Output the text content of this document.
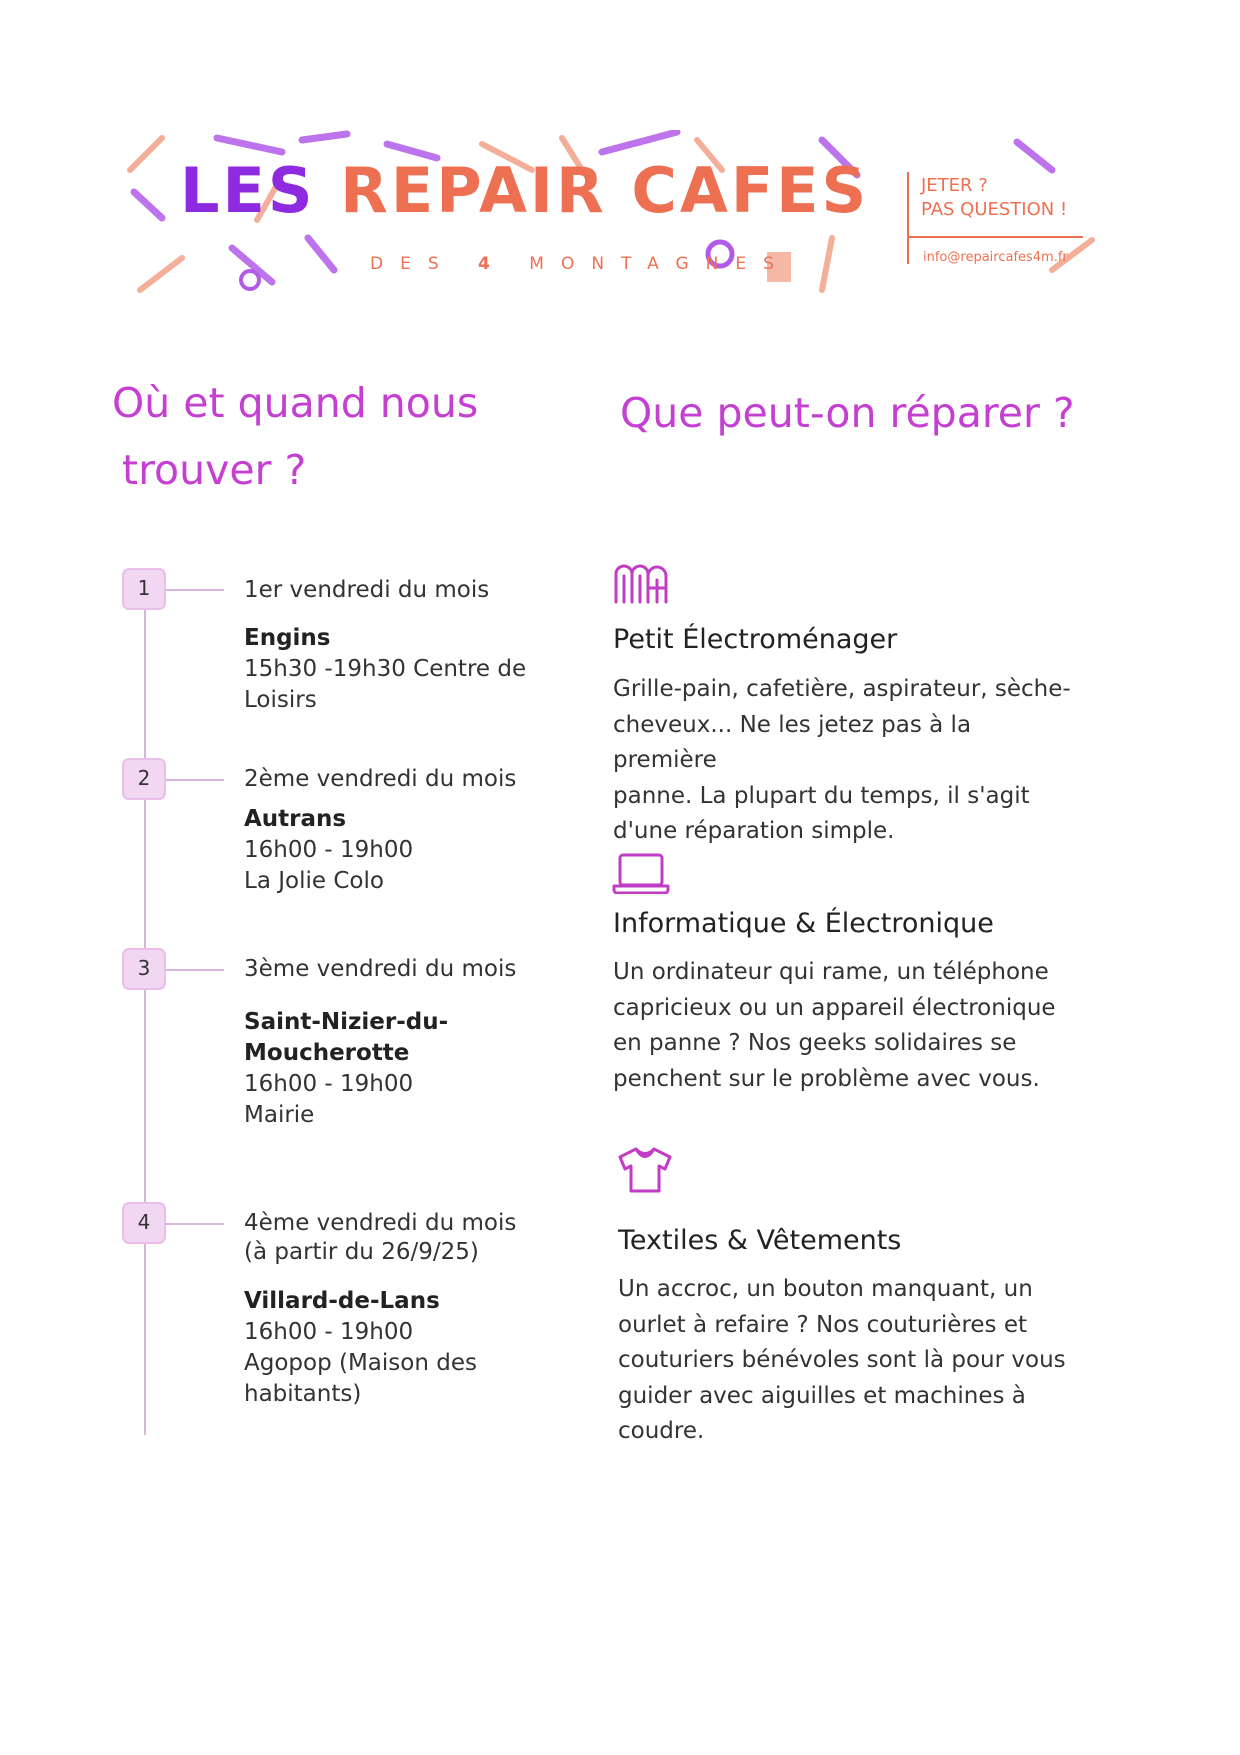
LES REPAIR CAFES
DES 4 MONTAGNES
JETER ?
PAS QUESTION !
info@repaircafes4m.fr
Où et quand nous
trouver ?
Que peut-on réparer ?
1	1er vendredi du mois
Engins
15h30 -19h30 Centre de
Loisirs
2	2ème vendredi du mois
Autrans
16h00 - 19h00
La Jolie Colo
3	3ème vendredi du mois
Saint-Nizier-du-
Moucherotte
16h00 - 19h00
Mairie
4	4ème vendredi du mois
(à partir du 26/9/25)
Villard-de-Lans
16h00 - 19h00
Agopop (Maison des
habitants)
Petit Électroménager
Grille-pain, cafetière, aspirateur, sèche-
cheveux... Ne les jetez pas à la première
panne. La plupart du temps, il s'agit
d'une réparation simple.
Informatique & Électronique
Un ordinateur qui rame, un téléphone
capricieux ou un appareil électronique
en panne ? Nos geeks solidaires se
penchent sur le problème avec vous.
Textiles & Vêtements
Un accroc, un bouton manquant, un
ourlet à refaire ? Nos couturières et
couturiers bénévoles sont là pour vous
guider avec aiguilles et machines à
coudre.
